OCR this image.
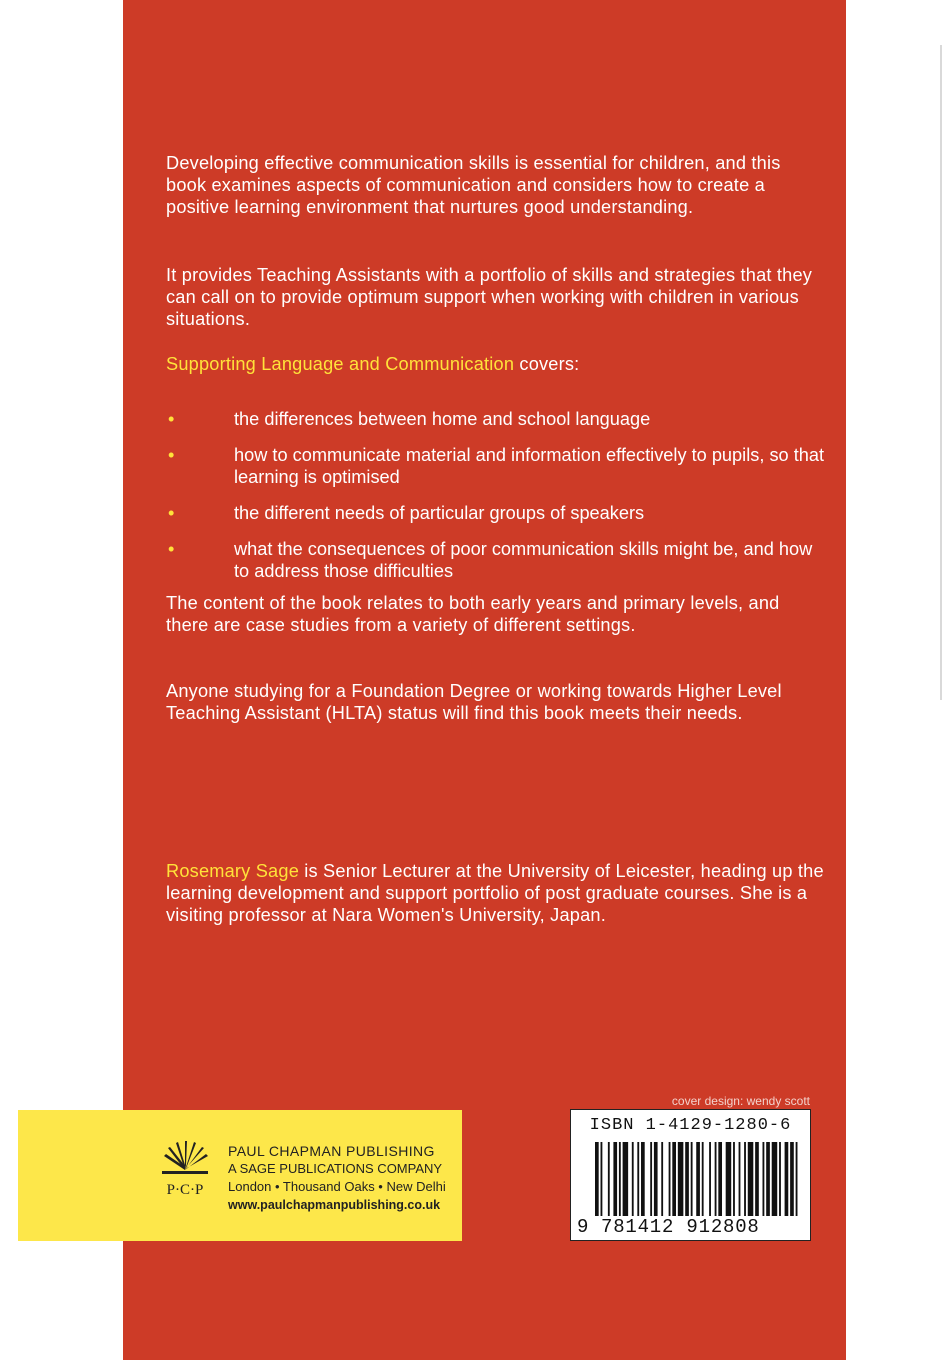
Developing effective communication skills is essential for children, and this book examines aspects of communication and considers how to create a positive learning environment that nurtures good understanding.

It provides Teaching Assistants with a portfolio of skills and strategies that they can call on to provide optimum support when working with children in various situations.

Supporting Language and Communication covers:

•	the differences between home and school language
•	how to communicate material and information effectively to pupils, so that learning is optimised
•	the different needs of particular groups of speakers
•	what the consequences of poor communication skills might be, and how to address those difficulties

The content of the book relates to both early years and primary levels, and there are case studies from a variety of different settings.

Anyone studying for a Foundation Degree or working towards Higher Level Teaching Assistant (HLTA) status will find this book meets their needs.

Rosemary Sage is Senior Lecturer at the University of Leicester, heading up the learning development and support portfolio of post graduate courses. She is a visiting professor at Nara Women's University, Japan.

cover design: wendy scott
P·C·P
PAUL CHAPMAN PUBLISHING
A SAGE PUBLICATIONS COMPANY
London • Thousand Oaks • New Delhi
www.paulchapmanpublishing.co.uk
ISBN 1-4129-1280-6
9 781412 912808
